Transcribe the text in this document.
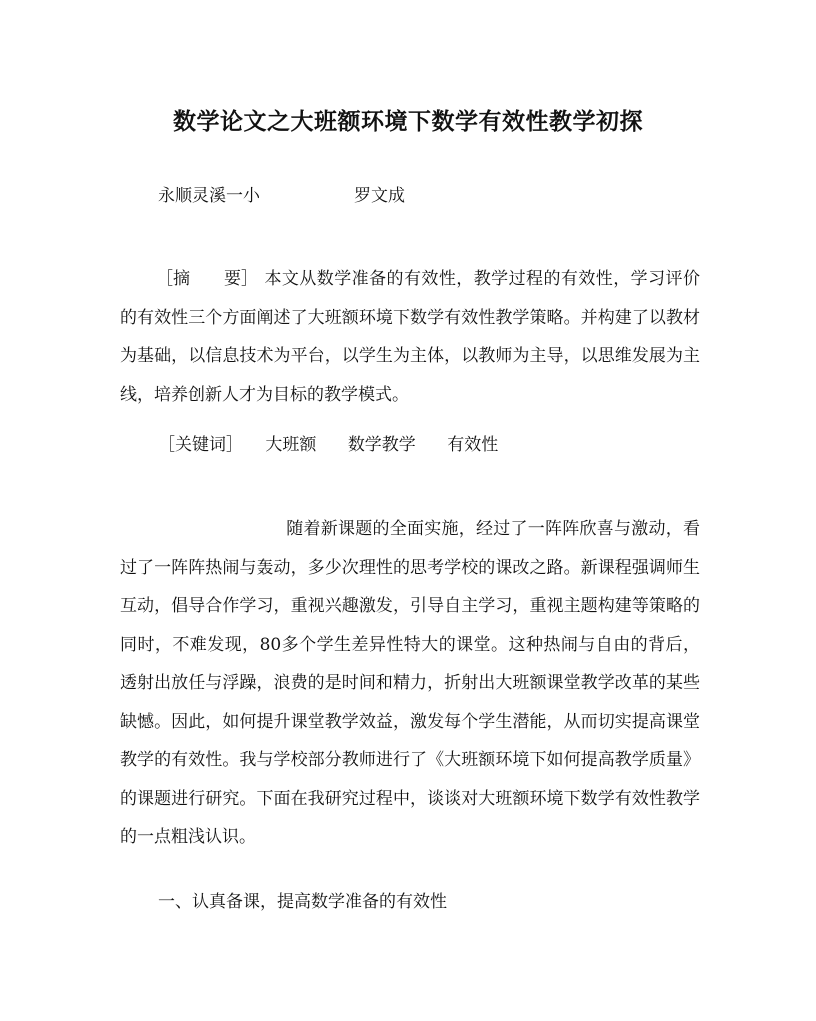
数学论文之大班额环境下数学有效性教学初探
永顺灵溪一小	罗文成
［摘　　要］ 本文从数学准备的有效性，教学过程的有效性，学习评价的有效性三个方面阐述了大班额环境下数学有效性教学策略。并构建了以教材为基础，以信息技术为平台，以学生为主体，以教师为主导，以思维发展为主线，培养创新人才为目标的教学模式。
［关键词］ 大班额 数学教学 有效性
随着新课题的全面实施，经过了一阵阵欣喜与激动，看过了一阵阵热闹与轰动，多少次理性的思考学校的课改之路。新课程强调师生互动，倡导合作学习，重视兴趣激发，引导自主学习，重视主题构建等策略的同时，不难发现，80多个学生差异性特大的课堂。这种热闹与自由的背后，透射出放任与浮躁，浪费的是时间和精力，折射出大班额课堂教学改革的某些缺憾。因此，如何提升课堂教学效益，激发每个学生潜能，从而切实提高课堂教学的有效性。我与学校部分教师进行了《大班额环境下如何提高教学质量》的课题进行研究。下面在我研究过程中，谈谈对大班额环境下数学有效性教学的一点粗浅认识。
一、认真备课，提高数学准备的有效性
